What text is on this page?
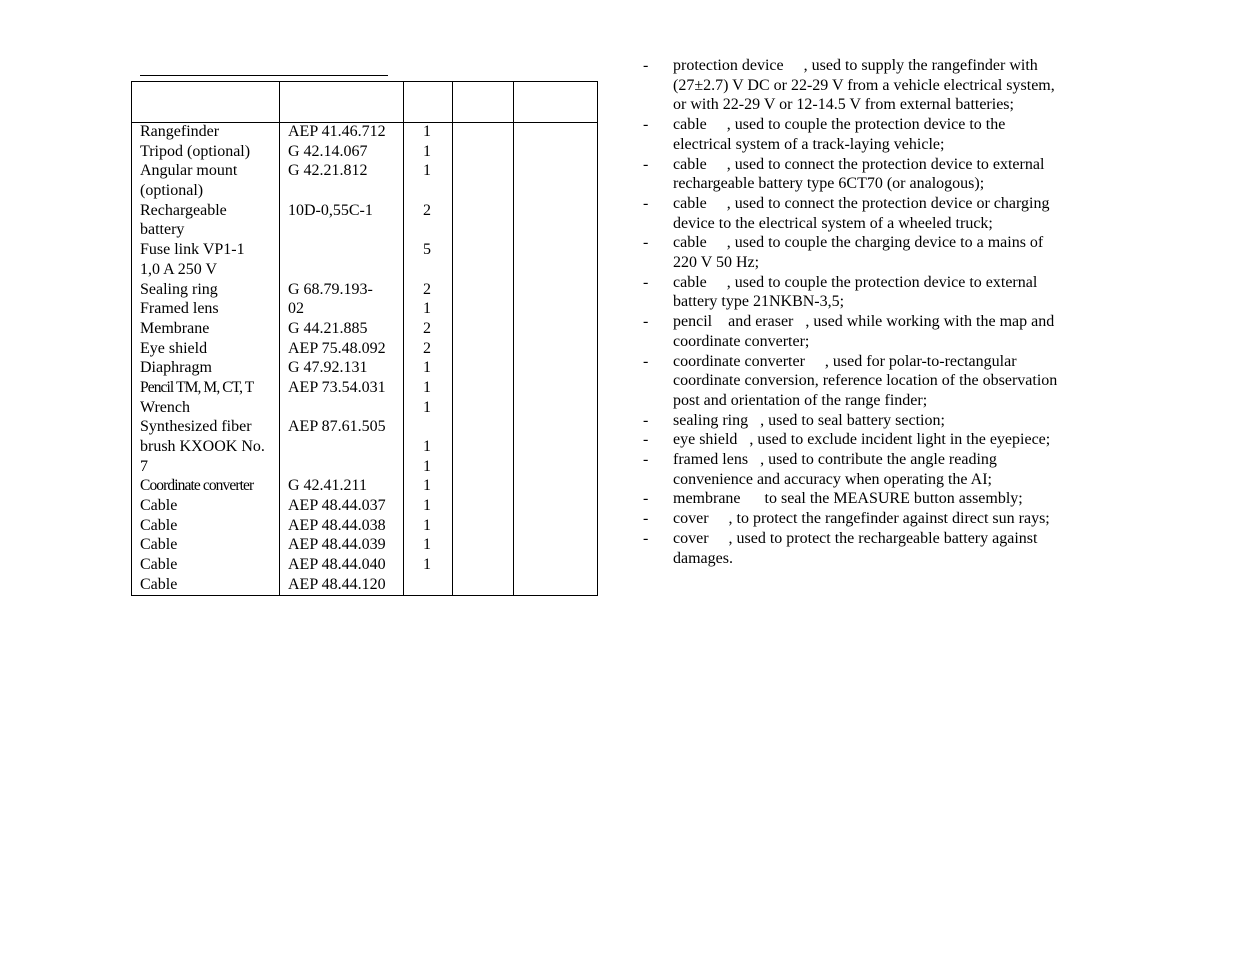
Rangefinder
Tripod (optional)
Angular mount
(optional)
Rechargeable
battery
Fuse link VP1-1
1,0 A 250 V
Sealing ring
Framed lens
Membrane
Eye shield
Diaphragm
Pencil TM, M, CT, T
Wrench
Synthesized fiber
brush KXOOK No.
7
Coordinate converter
Cable
Cable
Cable
Cable
Cable
AEP 41.46.712
G 42.14.067
G 42.21.812
10D-0,55C-1
G 68.79.193-
02
G 44.21.885
AEP 75.48.092
G 47.92.131
AEP 73.54.031
AEP 87.61.505
G 42.41.211
AEP 48.44.037
AEP 48.44.038
AEP 48.44.039
AEP 48.44.040
AEP 48.44.120
1
1
1
2
5
2
1
2
2
1
1
1
1
1
1
1
1
1
1
- protection device     , used to supply the rangefinder with
(27±2.7) V DC or 22-29 V from a vehicle electrical system,
or with 22-29 V or 12-14.5 V from external batteries;
- cable     , used to couple the protection device to the
electrical system of a track-laying vehicle;
- cable     , used to connect the protection device to external
rechargeable battery type 6CT70 (or analogous);
- cable     , used to connect the protection device or charging
device to the electrical system of a wheeled truck;
- cable     , used to couple the charging device to a mains of
220 V 50 Hz;
- cable     , used to couple the protection device to external
battery type 21NKBN-3,5;
- pencil    and eraser   , used while working with the map and
coordinate converter;
- coordinate converter     , used for polar-to-rectangular
coordinate conversion, reference location of the observation
post and orientation of the range finder;
- sealing ring   , used to seal battery section;
- eye shield   , used to exclude incident light in the eyepiece;
- framed lens   , used to contribute the angle reading
convenience and accuracy when operating the AI;
- membrane      to seal the MEASURE button assembly;
- cover     , to protect the rangefinder against direct sun rays;
- cover     , used to protect the rechargeable battery against
damages.
